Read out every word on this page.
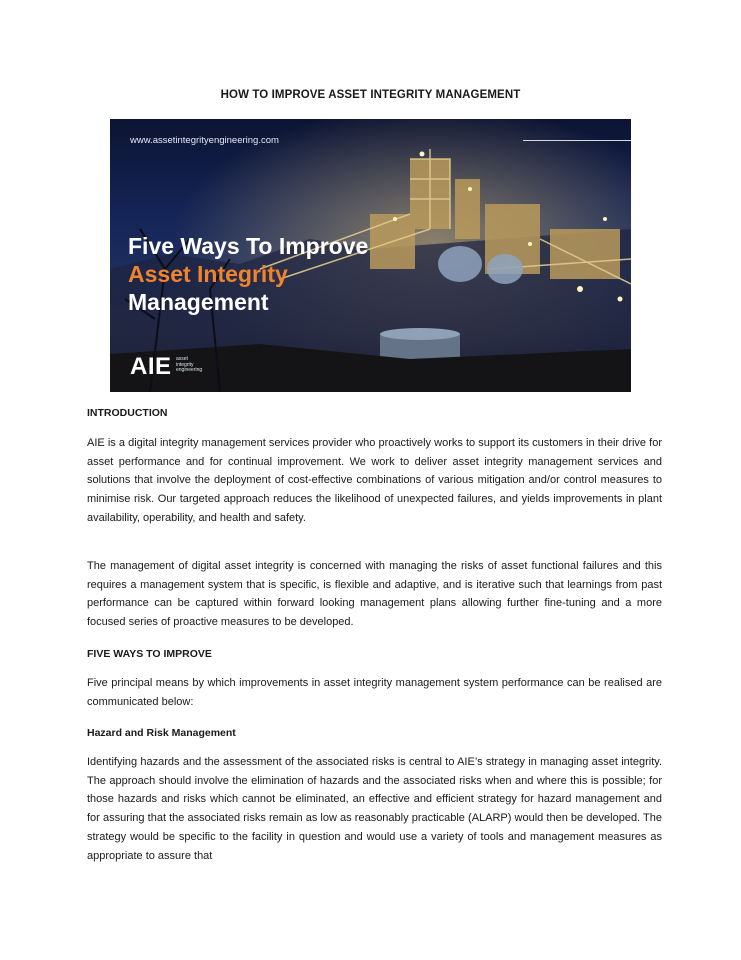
HOW TO IMPROVE ASSET INTEGRITY MANAGEMENT
www.assetintegrityengineering.com
Five Ways To Improve
Asset Integrity
Management
AIE asset integrity engineering
INTRODUCTION
AIE is a digital integrity management services provider who proactively works to support its customers in their drive for asset performance and for continual improvement. We work to deliver asset integrity management services and solutions that involve the deployment of cost-effective combinations of various mitigation and/or control measures to minimise risk. Our targeted approach reduces the likelihood of unexpected failures, and yields improvements in plant availability, operability, and health and safety.
The management of digital asset integrity is concerned with managing the risks of asset functional failures and this requires a management system that is specific, is flexible and adaptive, and is iterative such that learnings from past performance can be captured within forward looking management plans allowing further fine-tuning and a more focused series of proactive measures to be developed.
FIVE WAYS TO IMPROVE
Five principal means by which improvements in asset integrity management system performance can be realised are communicated below:
Hazard and Risk Management
Identifying hazards and the assessment of the associated risks is central to AIE’s strategy in managing asset integrity. The approach should involve the elimination of hazards and the associated risks when and where this is possible; for those hazards and risks which cannot be eliminated, an effective and efficient strategy for hazard management and for assuring that the associated risks remain as low as reasonably practicable (ALARP) would then be developed. The strategy would be specific to the facility in question and would use a variety of tools and management measures as appropriate to assure that
